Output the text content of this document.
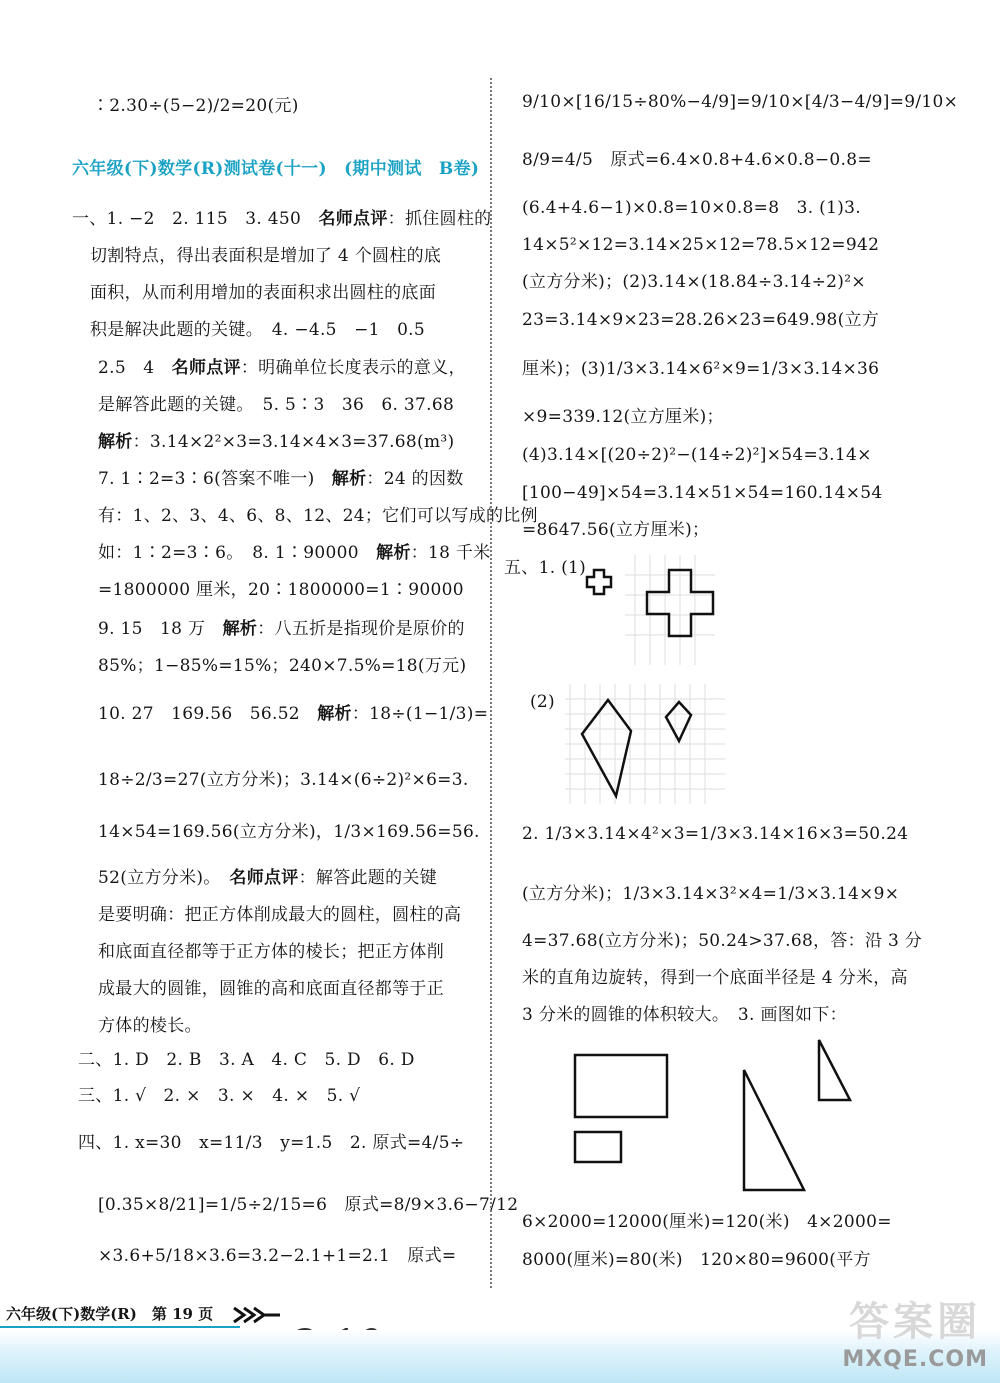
∶2.30÷(5−2)/2=20(元)
六年级(下)数学(R)测试卷(十一)　(期中测试　B卷)
一、1. −2　2. 115　3. 450　名师点评：抓住圆柱的
切割特点，得出表面积是增加了 4 个圆柱的底
面积，从而利用增加的表面积求出圆柱的底面
积是解决此题的关键。　4. −4.5　−1　0.5
2.5　4　名师点评：明确单位长度表示的意义，
是解答此题的关键。　5. 5∶3　36　6. 37.68
解析：3.14×2²×3=3.14×4×3=37.68(m³)
7. 1∶2=3∶6(答案不唯一)　解析：24 的因数
有：1、2、3、4、6、8、12、24；它们可以写成的比例
如：1∶2=3∶6。　8. 1∶90000　解析：18 千米
=1800000 厘米，20∶1800000=1∶90000
9. 15　18 万　解析：八五折是指现价是原价的
85%；1−85%=15%；240×7.5%=18(万元)
10. 27　169.56　56.52　解析：18÷(1−1/3)=
18÷2/3=27(立方分米)；3.14×(6÷2)²×6=3.
14×54=169.56(立方分米)，1/3×169.56=56.
52(立方分米)。　名师点评：解答此题的关键
是要明确：把正方体削成最大的圆柱，圆柱的高
和底面直径都等于正方体的棱长；把正方体削
成最大的圆锥，圆锥的高和底面直径都等于正
方体的棱长。
二、1. D　2. B　3. A　4. C　5. D　6. D
三、1. √　2. ×　3. ×　4. ×　5. √
四、1. x=30　x=11/3　y=1.5　2. 原式=4/5÷
[0.35×8/21]=1/5÷2/15=6　原式=8/9×3.6−7/12
×3.6+5/18×3.6=3.2−2.1+1=2.1　原式=
9/10×[16/15÷80%−4/9]=9/10×[4/3−4/9]=9/10×
8/9=4/5　原式=6.4×0.8+4.6×0.8−0.8=
(6.4+4.6−1)×0.8=10×0.8=8　3. (1)3.
14×5²×12=3.14×25×12=78.5×12=942
(立方分米)；(2)3.14×(18.84÷3.14÷2)²×
23=3.14×9×23=28.26×23=649.98(立方
厘米)；(3)1/3×3.14×6²×9=1/3×3.14×36
×9=339.12(立方厘米)；
(4)3.14×[(20÷2)²−(14÷2)²]×54=3.14×
[100−49]×54=3.14×51×54=160.14×54
=8647.56(立方厘米)；
五、1. (1)
(2)
2. 1/3×3.14×4²×3=1/3×3.14×16×3=50.24
(立方分米)；1/3×3.14×3²×4=1/3×3.14×9×
4=37.68(立方分米)；50.24>37.68，答：沿 3 分
米的直角边旋转，得到一个底面半径是 4 分米，高
3 分米的圆锥的体积较大。　3. 画图如下：
6×2000=12000(厘米)=120(米)　4×2000=
8000(厘米)=80(米)　120×80=9600(平方
六年级(下)数学(R)　第 19 页	答案圈
MXQE.COM
